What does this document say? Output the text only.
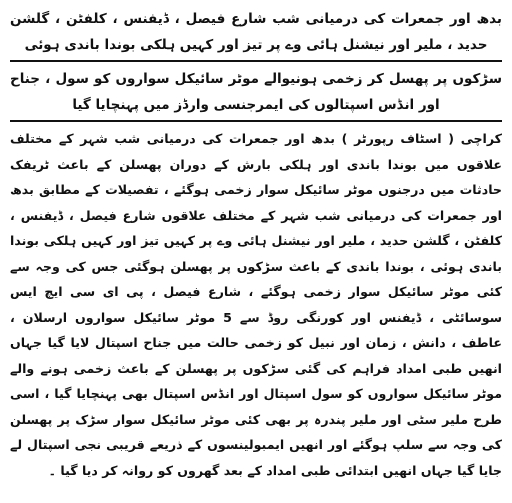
بدھ اور جمعرات کی درمیانی شب شارع فیصل ، ڈیفنس ، کلفٹن ، گلشن حدید ، ملیر اور نیشنل ہائی وے پر تیز اور کہیں ہلکی بوندا باندی ہوئی

سڑکوں پر پھسل کر زخمی ہونیوالے موٹر سائیکل سواروں کو سول ، جناح اور انڈس اسپتالوں کی ایمرجنسی وارڈز میں پہنچایا گیا

کراچی ( اسٹاف رپورٹر ) بدھ اور جمعرات کی درمیانی شب شہر کے مختلف علاقوں میں بوندا باندی اور ہلکی بارش کے دوران پھسلن کے باعث ٹریفک حادثات میں درجنوں موٹر سائیکل سوار زخمی ہوگئے ، تفصیلات کے مطابق بدھ اور جمعرات کی درمیانی شب شہر کے مختلف علاقوں شارع فیصل ، ڈیفنس ، کلفٹن ، گلشن حدید ، ملیر اور نیشنل ہائی وے پر کہیں تیز اور کہیں ہلکی بوندا باندی ہوئی ، بوندا باندی کے باعث سڑکوں پر پھسلن ہوگئی جس کی وجہ سے کئی موٹر سائیکل سوار زخمی ہوگئے ، شارع فیصل ، پی ای سی ایچ ایس سوسائٹی ، ڈیفنس اور کورنگی روڈ سے 5 موٹر سائیکل سواروں ارسلان ، عاطف ، دانش ، زمان اور نبیل کو زخمی حالت میں جناح اسپتال لایا گیا جہاں انھیں طبی امداد فراہم کی گئی سڑکوں پر پھسلن کے باعث زخمی ہونے والے موٹر سائیکل سواروں کو سول اسپتال اور انڈس اسپتال بھی پہنچایا گیا ، اسی طرح ملیر سٹی اور ملیر پندرہ پر بھی کئی موٹر سائیکل سوار سڑک پر پھسلن کی وجہ سے سلپ ہوگئے اور انھیں ایمبولینسوں کے ذریعے قریبی نجی اسپتال لے جایا گیا جہاں انھیں ابتدائی طبی امداد کے بعد گھروں کو روانہ کر دیا گیا ۔
